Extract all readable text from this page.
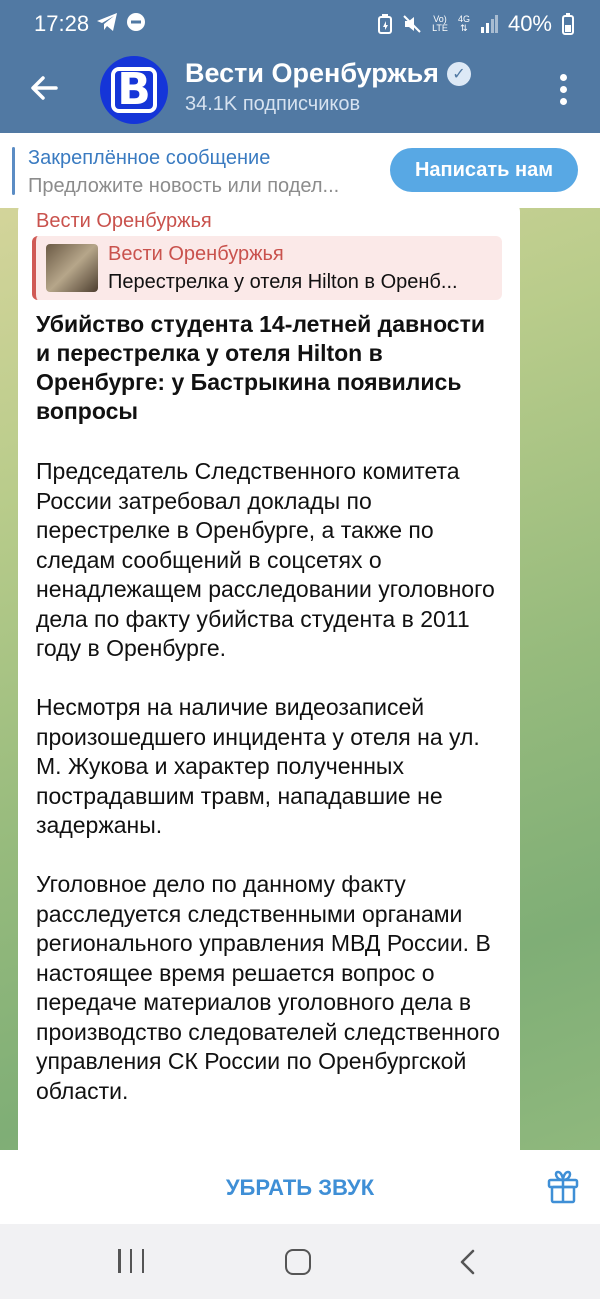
17:28	Vo)
LTE
4G
⇅ 40%
B Вести Оренбуржья ✓
34.1K подписчиков
Закреплённое сообщение
Предложите новость или подел...
Написать нам
Вести Оренбуржья
Вести Оренбуржья
Перестрелка у отеля Hilton в Оренб...
Убийство студента 14-летней давности и перестрелка у отеля Hilton в Оренбурге: у Бастрыкина появились вопросы

Председатель Следственного комитета России затребовал доклады по перестрелке в Оренбурге, а также по следам сообщений в соцсетях о ненадлежащем расследовании уголовного дела по факту убийства студента в 2011 году в Оренбурге.

Несмотря на наличие видеозаписей произошедшего инцидента у отеля на ул. М. Жукова и характер полученных пострадавшим травм, нападавшие не задержаны.

Уголовное дело по данному факту расследуется следственными органами регионального управления МВД России. В настоящее время решается вопрос о передаче материалов уголовного дела в производство следователей следственного управления СК России по Оренбургской области.

УБРАТЬ ЗВУК
